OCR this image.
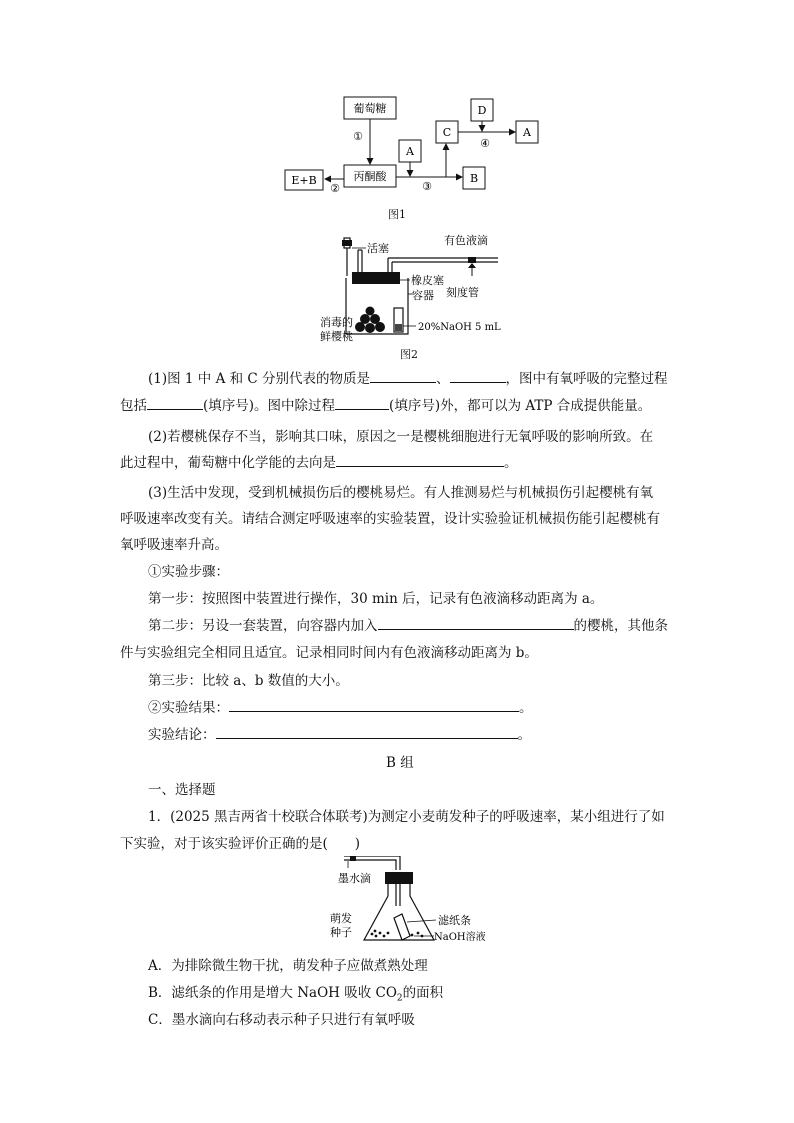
葡萄糖
丙酮酸
E+B
A
C
D
A
B
①
②	③
④
图1
活塞
有色液滴
橡皮塞
容器 刻度管
消毒的
鲜樱桃
20%NaOH 5 mL
图2
(1)图 1 中 A 和 C 分别代表的物质是	、	，图中有氧呼吸的完整过程
包括	(填序号)。图中除过程	(填序号)外，都可以为 ATP 合成提供能量。
(2)若樱桃保存不当，影响其口味，原因之一是樱桃细胞进行无氧呼吸的影响所致。在
此过程中，葡萄糖中化学能的去向是	。
(3)生活中发现，受到机械损伤后的樱桃易烂。有人推测易烂与机械损伤引起樱桃有氧
呼吸速率改变有关。请结合测定呼吸速率的实验装置，设计实验验证机械损伤能引起樱桃有
氧呼吸速率升高。
①实验步骤：
第一步：按照图中装置进行操作，30 min 后，记录有色液滴移动距离为 a。
第二步：另设一套装置，向容器内加入	的樱桃，其他条
件与实验组完全相同且适宜。记录相同时间内有色液滴移动距离为 b。
第三步：比较 a、b 数值的大小。
②实验结果：	。
实验结论：	。
B 组
一、选择题
1．(2025 黑吉两省十校联合体联考)为测定小麦萌发种子的呼吸速率，某小组进行了如
下实验，对于该实验评价正确的是(　　)
墨水滴
萌发
种子
滤纸条
NaOH溶液
A．为排除微生物干扰，萌发种子应做煮熟处理
B．滤纸条的作用是增大 NaOH 吸收 $CO_2$的面积
C．墨水滴向右移动表示种子只进行有氧呼吸
